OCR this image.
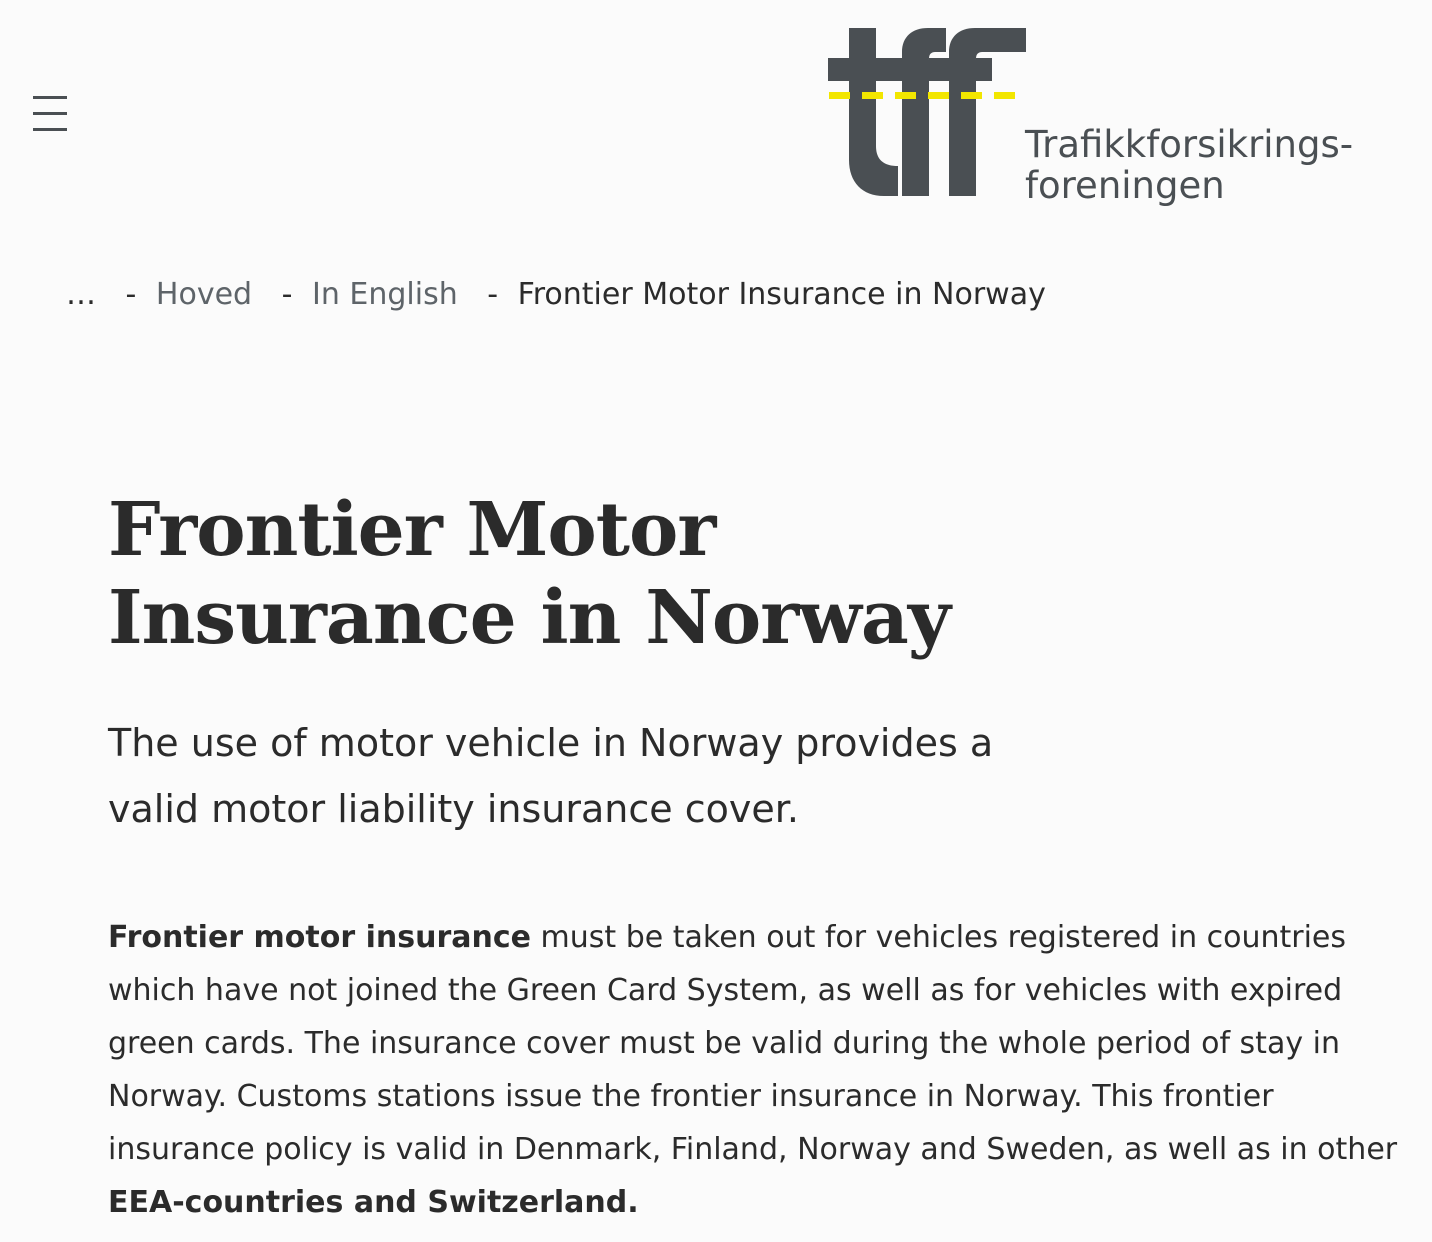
Trafikkforsikrings-
foreningen
… - Hoved - In English - Frontier Motor Insurance in Norway
Frontier Motor Insurance in Norway

The use of motor vehicle in Norway provides a valid motor liability insurance cover.

Frontier motor insurance must be taken out for vehicles registered in countries which have not joined the Green Card System, as well as for vehicles with expired green cards. The insurance cover must be valid during the whole period of stay in Norway. Customs stations issue the frontier insurance in Norway. This frontier insurance policy is valid in Denmark, Finland, Norway and Sweden, as well as in other EEA-countries and Switzerland.
